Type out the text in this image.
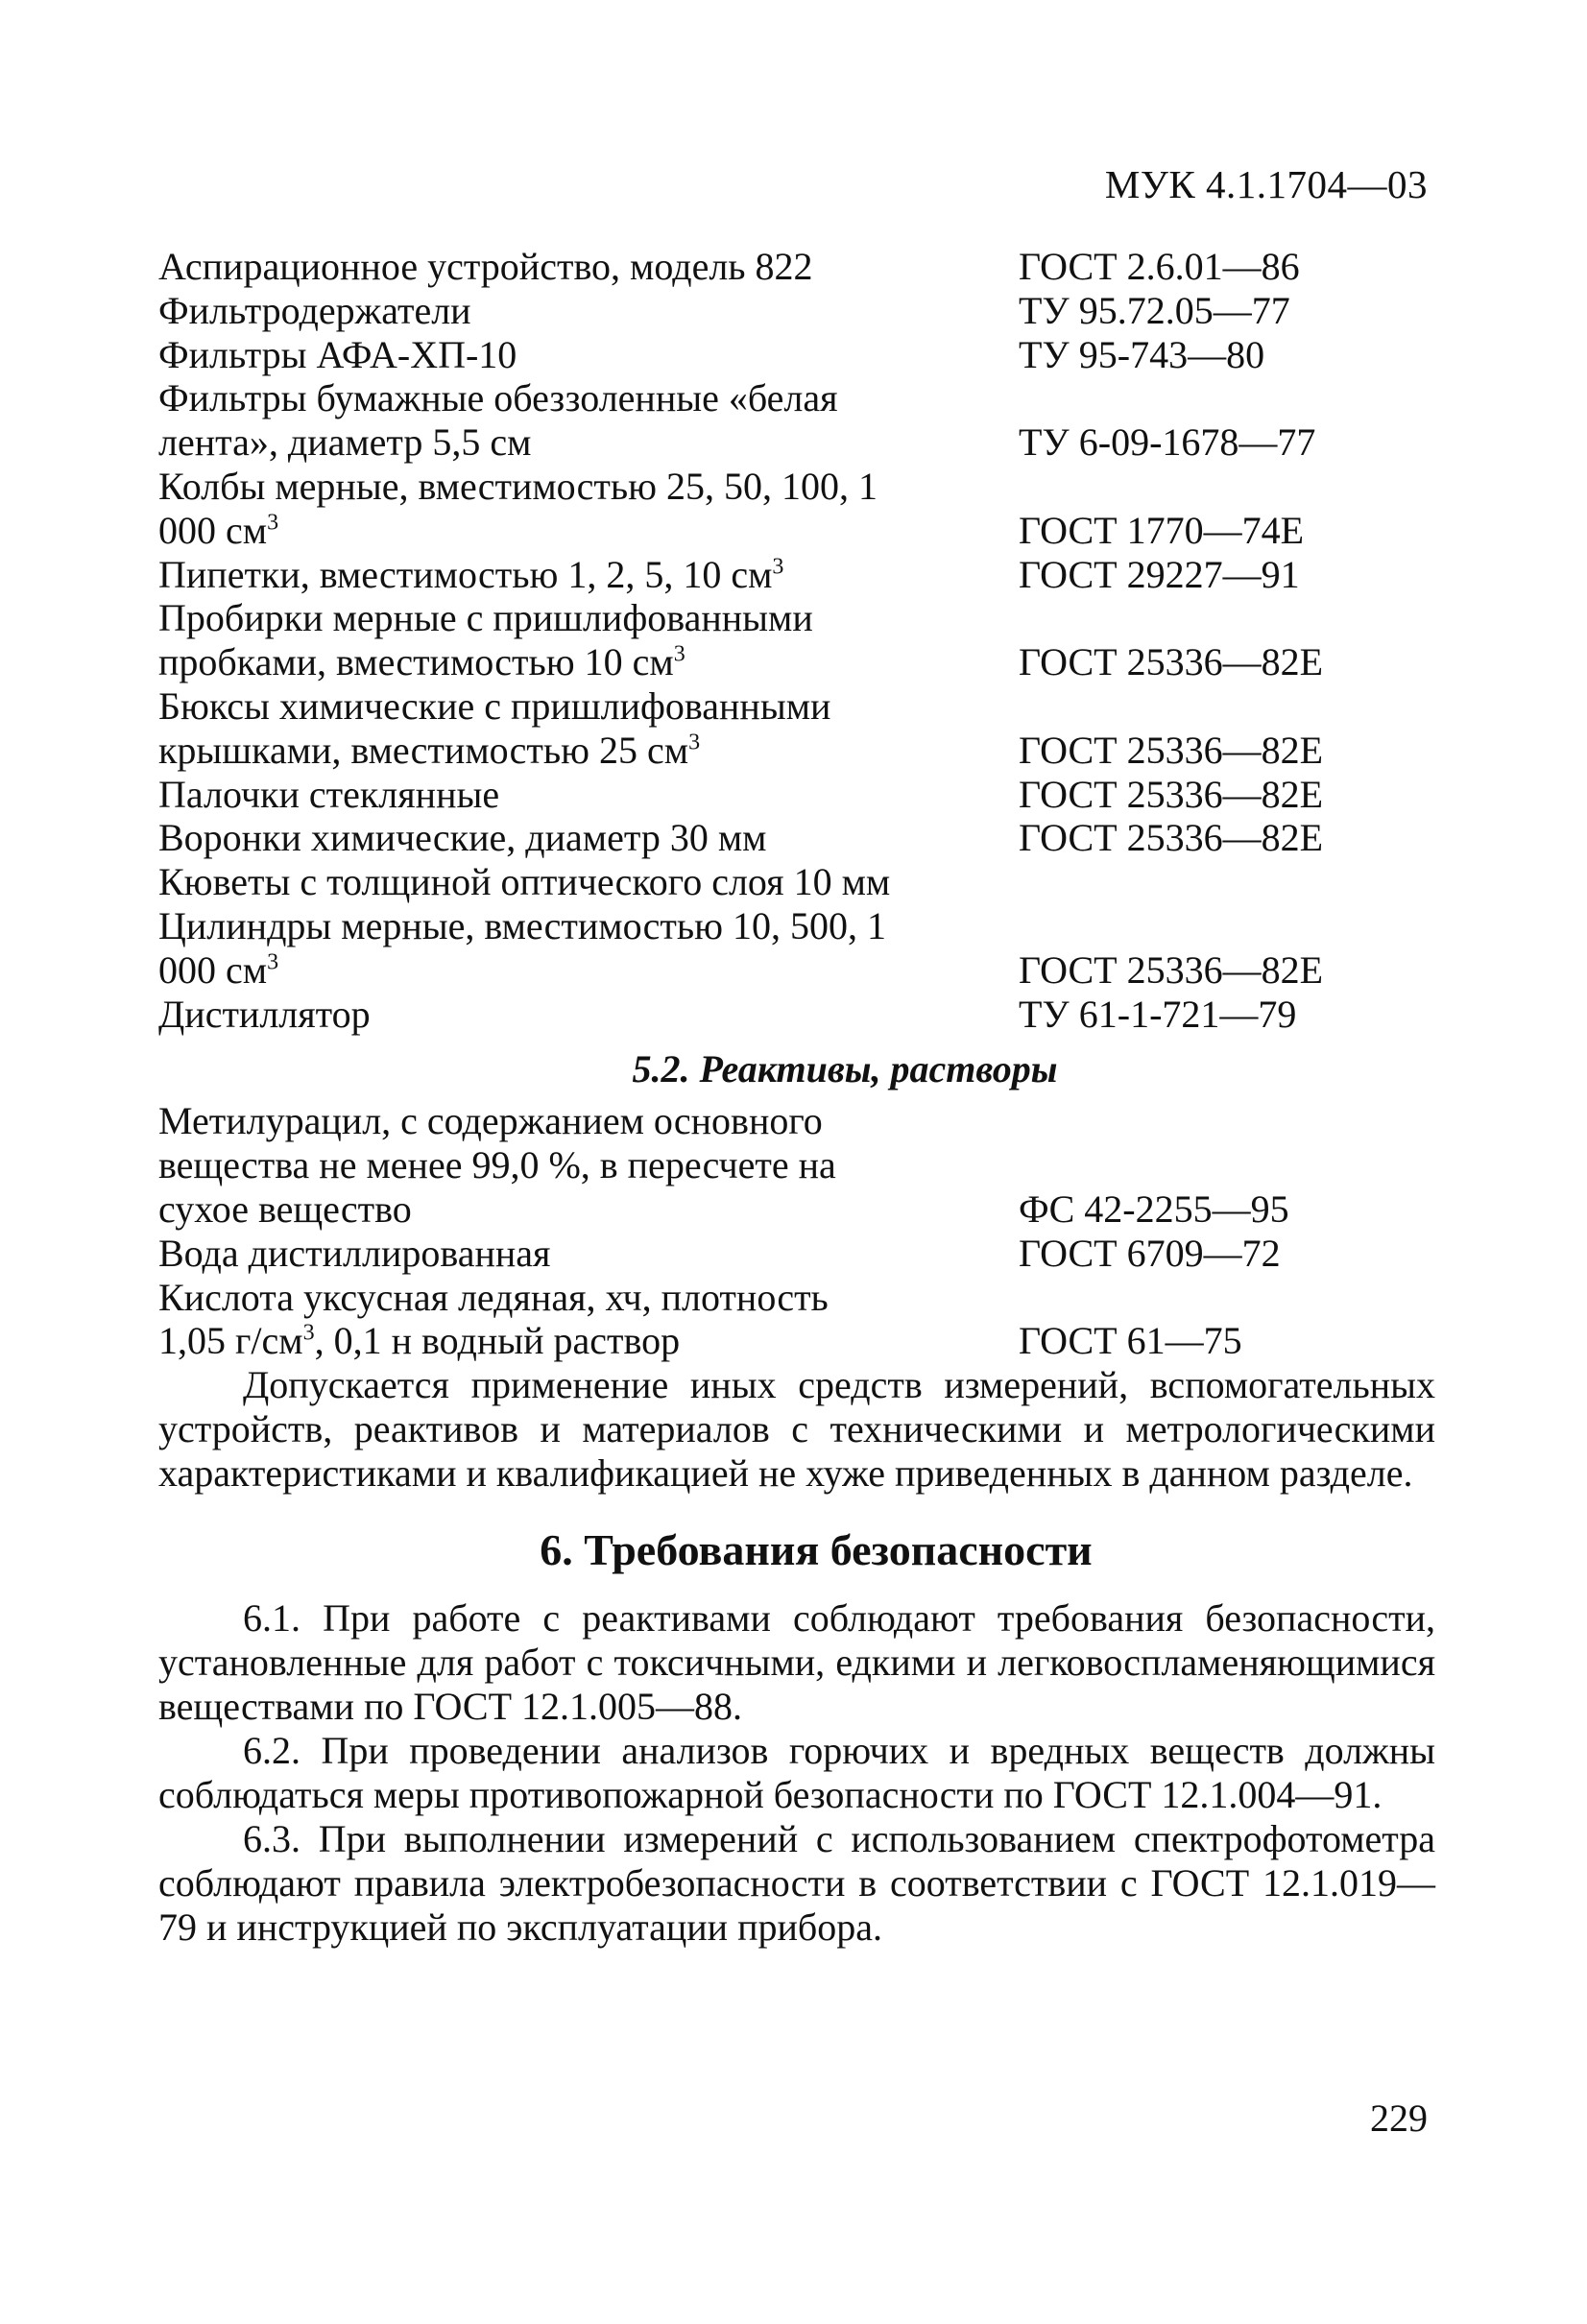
МУК 4.1.1704—03
Аспирационное устройство, модель 822	ГОСТ 2.6.01—86
Фильтродержатели	ТУ 95.72.05—77
Фильтры АФА-ХП-10	ТУ 95-743—80
Фильтры бумажные обеззоленные «белая лента», диаметр 5,5 см	ТУ 6-09-1678—77
Колбы мерные, вместимостью 25, 50, 100, 1 000 $см^3$	ГОСТ 1770—74Е
Пипетки, вместимостью 1, 2, 5, 10 $см^3$	ГОСТ 29227—91
Пробирки мерные с пришлифованными пробками, вместимостью 10 $см^3$	ГОСТ 25336—82Е
Бюксы химические с пришлифованными крышками, вместимостью 25 $см^3$	ГОСТ 25336—82Е
Палочки стеклянные	ГОСТ 25336—82Е
Воронки химические, диаметр 30 мм	ГОСТ 25336—82Е
Кюветы с толщиной оптического слоя 10 мм
Цилиндры мерные, вместимостью 10, 500, 1 000 $см^3$	ГОСТ 25336—82Е
Дистиллятор	ТУ 61-1-721—79
5.2. Реактивы, растворы
Метилурацил, с содержанием основного вещества не менее 99,0 %, в пересчете на сухое вещество	ФС 42-2255—95
Вода дистиллированная	ГОСТ 6709—72
Кислота уксусная ледяная, хч, плотность 1,05 $г/см^3$, 0,1 н водный раствор	ГОСТ 61—75

Допускается применение иных средств измерений, вспомогательных устройств, реактивов и материалов с техническими и метрологическими характеристиками и квалификацией не хуже приведенных в данном разделе.

6. Требования безопасности

6.1. При работе с реактивами соблюдают требования безопасности, установленные для работ с токсичными, едкими и легковоспламеняющимися веществами по ГОСТ 12.1.005—88.

6.2. При проведении анализов горючих и вредных веществ должны соблюдаться меры противопожарной безопасности по ГОСТ 12.1.004—91.

6.3. При выполнении измерений с использованием спектрофотометра соблюдают правила электробезопасности в соответствии с ГОСТ 12.1.019—79 и инструкцией по эксплуатации прибора.

229
